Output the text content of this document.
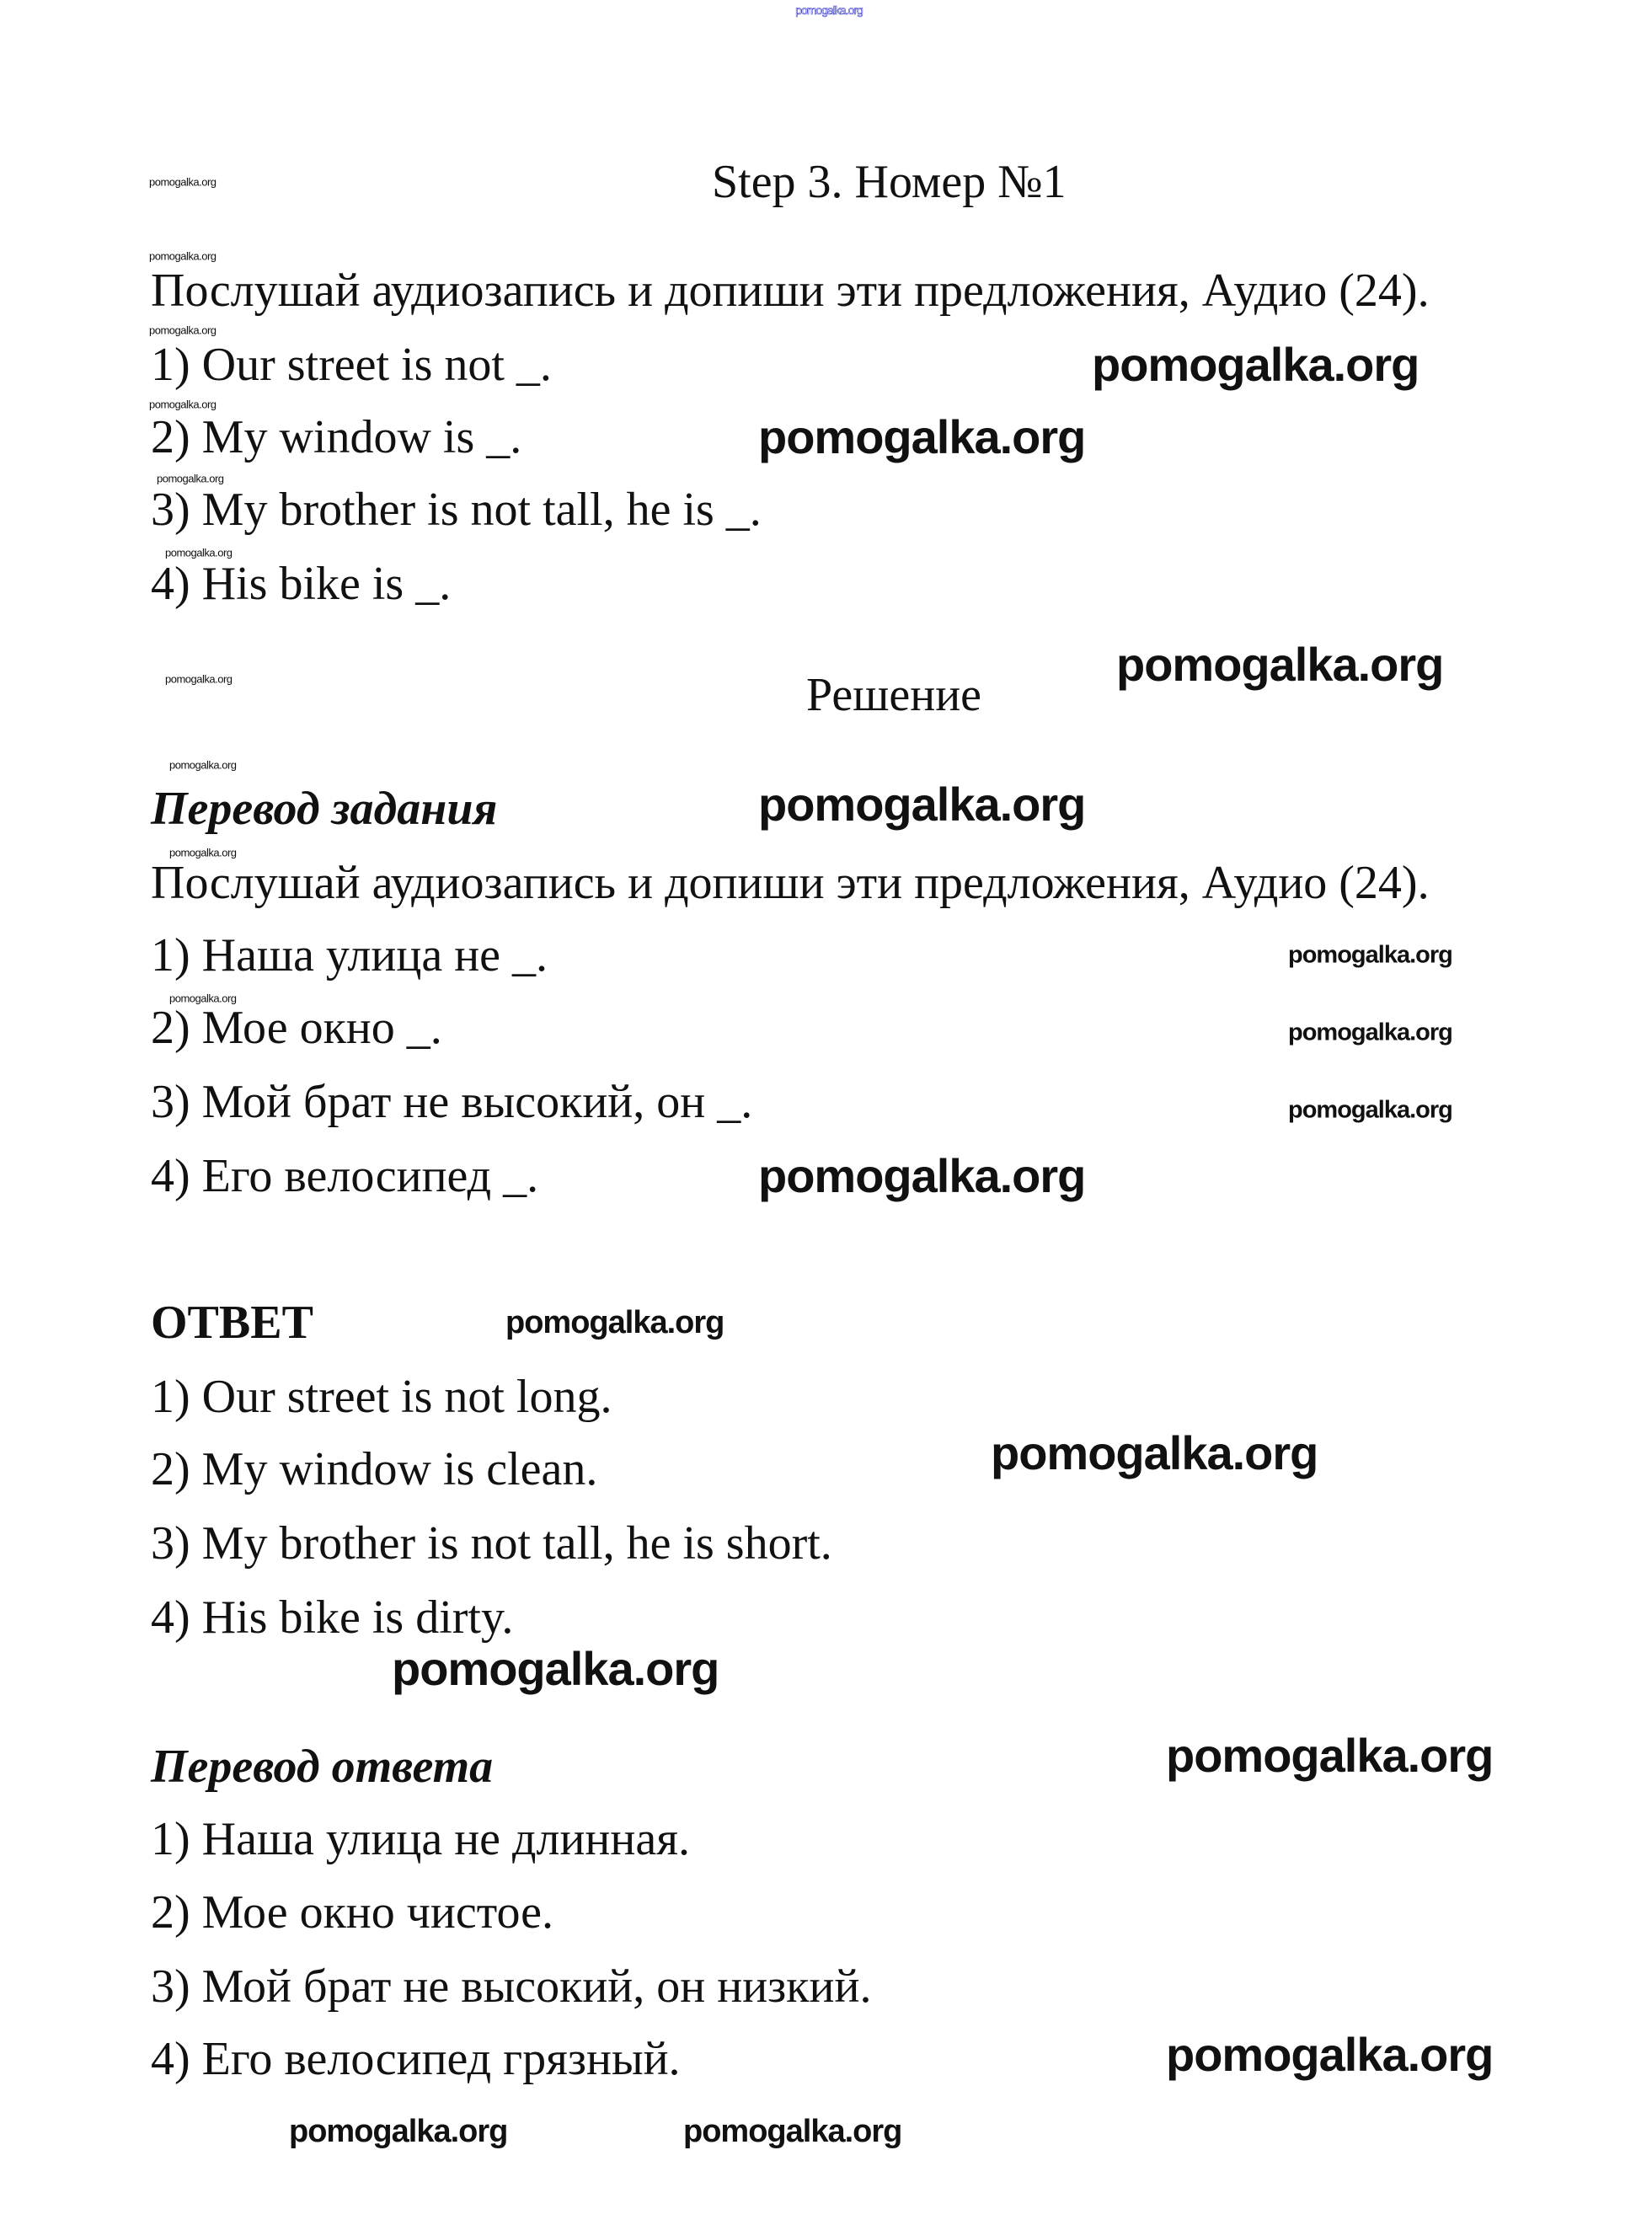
pomogalka.org
Step 3. Номер №1
Послушай аудиозапись и допиши эти предложения, Аудио (24).
1) Our street is not _.
2) My window is _.
3) My brother is not tall, he is _.
4) His bike is _.
Решение
Перевод задания
Послушай аудиозапись и допиши эти предложения, Аудио (24).
1) Наша улица не _.
2) Мое окно _.
3) Мой брат не высокий, он _.
4) Его велосипед _.
ОТВЕТ
1) Our street is not long.
2) My window is clean.
3) My brother is not tall, he is short.
4) His bike is dirty.
Перевод ответа
1) Наша улица не длинная.
2) Мое окно чистое.
3) Мой брат не высокий, он низкий.
4) Его велосипед грязный.
pomogalka.org
pomogalka.org
pomogalka.org
pomogalka.org
pomogalka.org
pomogalka.org
pomogalka.org
pomogalka.org
pomogalka.org
pomogalka.org
pomogalka.org
pomogalka.org
pomogalka.org
pomogalka.org
pomogalka.org	pomogalka.org
pomogalka.org
pomogalka.org
pomogalka.org
pomogalka.org
pomogalka.org
pomogalka.org
pomogalka.org
pomogalka.org
pomogalka.org
